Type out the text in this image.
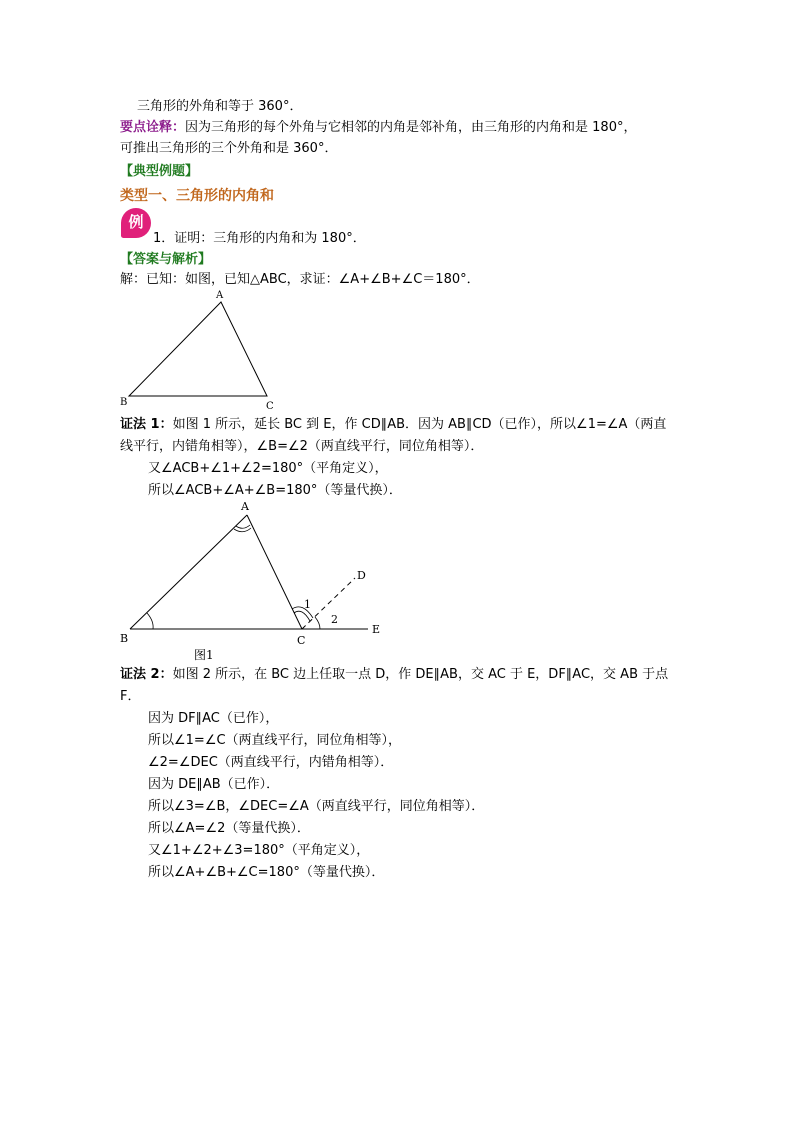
三角形的外角和等于 360°．
要点诠释：因为三角形的每个外角与它相邻的内角是邻补角，由三角形的内角和是 180°，
可推出三角形的三个外角和是 360°．
【典型例题】
类型一、三角形的内角和
例
1．证明：三角形的内角和为 180°．
【答案与解析】
解：已知：如图，已知△ABC，求证：∠A+∠B+∠C＝180°．
A
B	C
证法 1：如图 1 所示，延长 BC 到 E，作 CD∥AB．因为 AB∥CD（已作），所以∠1=∠A（两直
线平行，内错角相等），∠B=∠2（两直线平行，同位角相等）．
又∠ACB+∠1+∠2=180°（平角定义），
所以∠ACB+∠A+∠B=180°（等量代换）．
A
B	C
D
E
1
2
图1
证法 2：如图 2 所示，在 BC 边上任取一点 D，作 DE∥AB，交 AC 于 E，DF∥AC，交 AB 于点
F．
因为 DF∥AC（已作），
所以∠1=∠C（两直线平行，同位角相等），
∠2=∠DEC（两直线平行，内错角相等）．
因为 DE∥AB（已作）．
所以∠3=∠B，∠DEC=∠A（两直线平行，同位角相等）．
所以∠A=∠2（等量代换）．
又∠1+∠2+∠3=180°（平角定义），
所以∠A+∠B+∠C=180°（等量代换）．
